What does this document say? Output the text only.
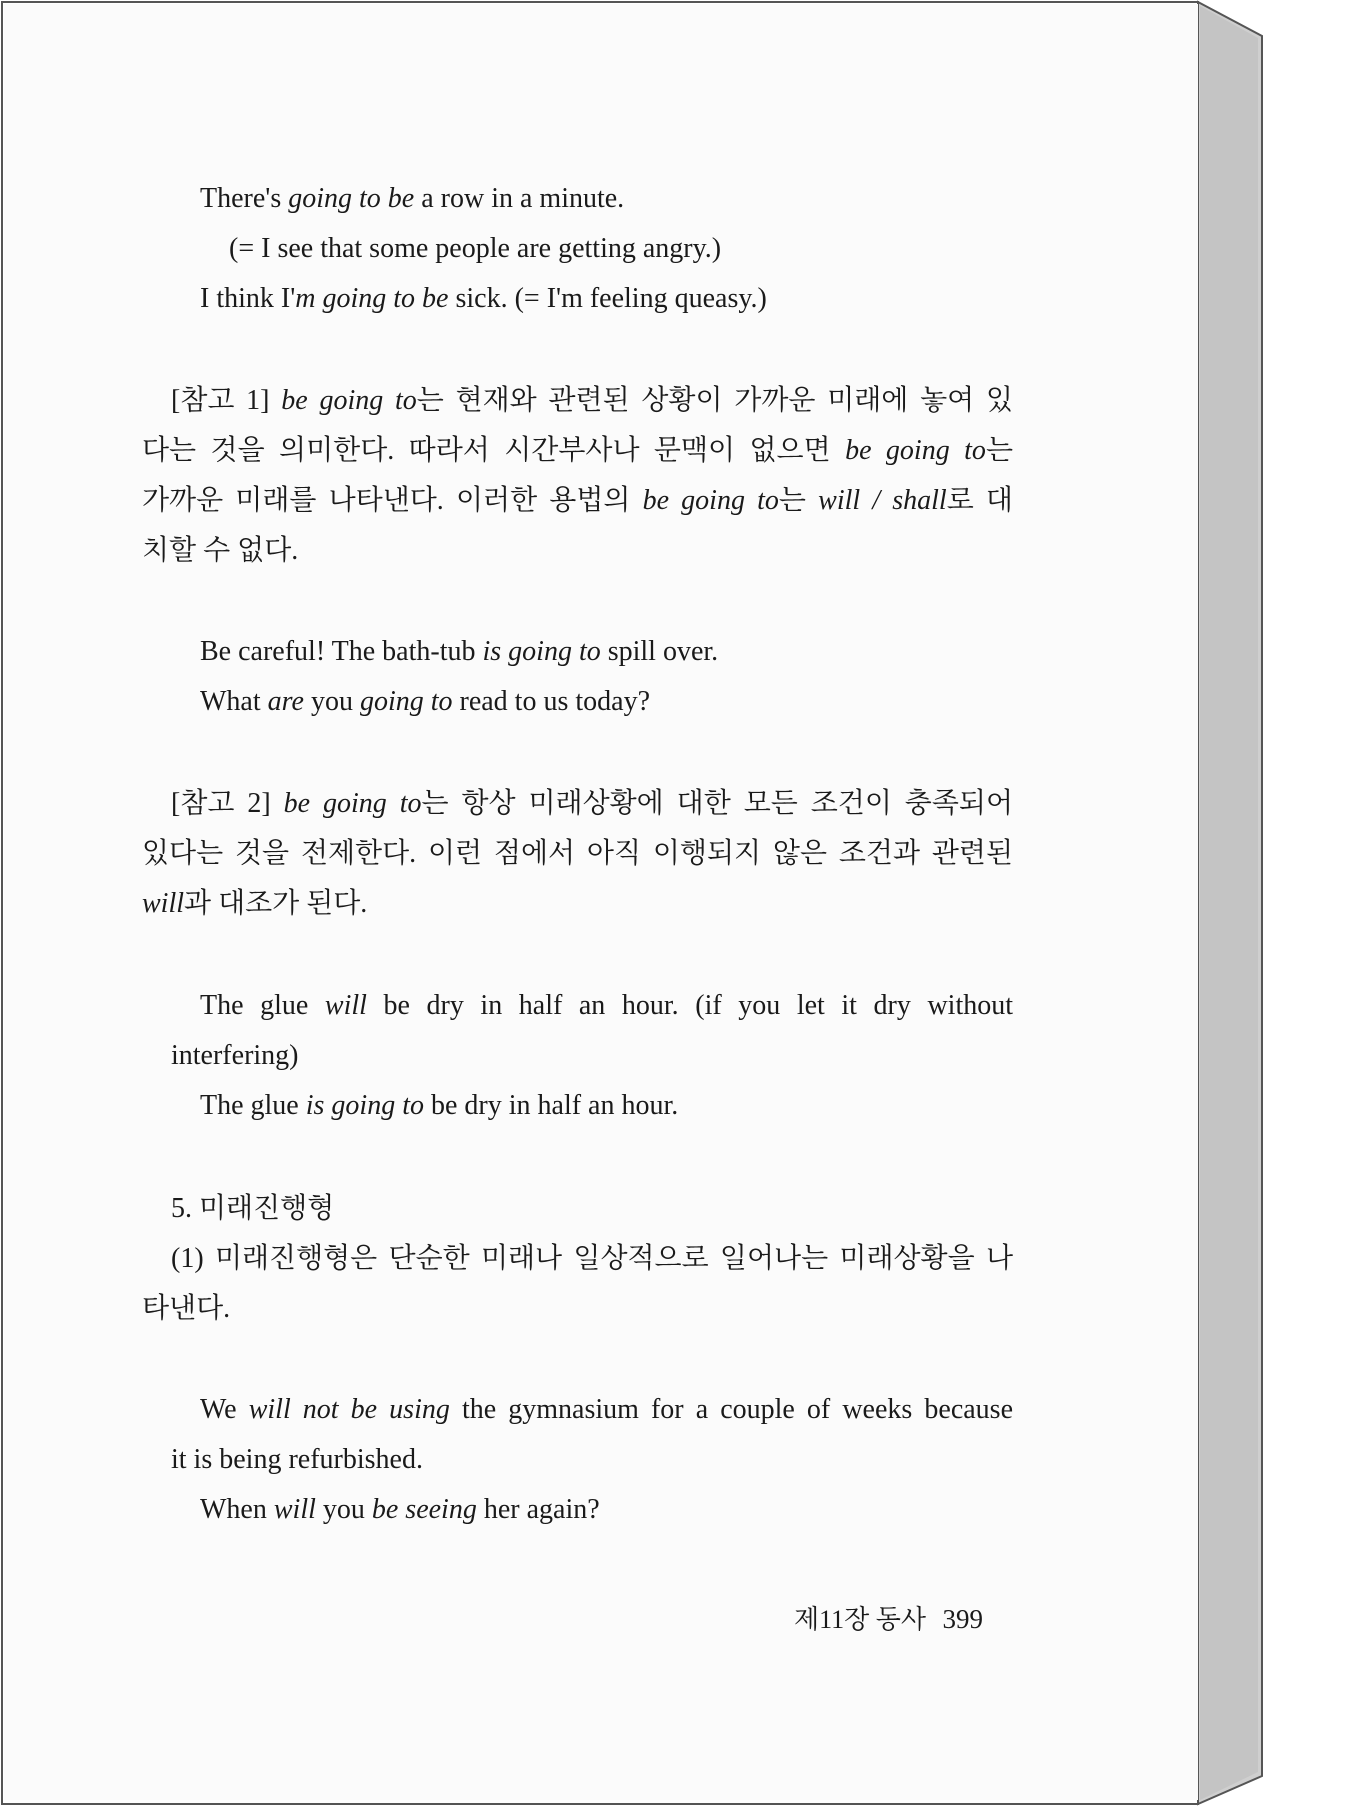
There's going to be a row in a minute.
(= I see that some people are getting angry.)
I think I'm going to be sick. (= I'm feeling queasy.)
[참고 1] be going to는 현재와 관련된 상황이 가까운 미래에 놓여 있
다는 것을 의미한다. 따라서 시간부사나 문맥이 없으면 be going to는
가까운 미래를 나타낸다. 이러한 용법의 be going to는 will / shall로 대
치할 수 없다.
Be careful! The bath-tub is going to spill over.
What are you going to read to us today?
[참고 2] be going to는 항상 미래상황에 대한 모든 조건이 충족되어
있다는 것을 전제한다. 이런 점에서 아직 이행되지 않은 조건과 관련된
will과 대조가 된다.
The glue will be dry in half an hour. (if you let it dry without
interfering)
The glue is going to be dry in half an hour.
5. 미래진행형
(1) 미래진행형은 단순한 미래나 일상적으로 일어나는 미래상황을 나
타낸다.
We will not be using the gymnasium for a couple of weeks because
it is being refurbished.
When will you be seeing her again?
제11장 동사 399
